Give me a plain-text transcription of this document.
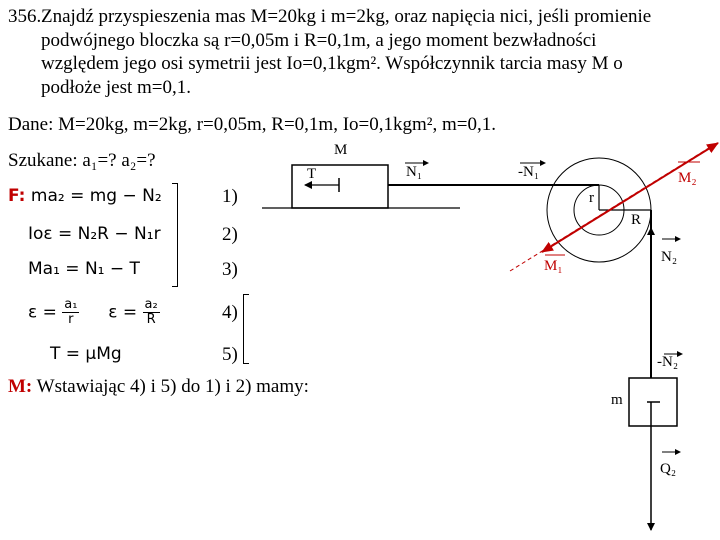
356. Znajdź przyspieszenia mas M=20kg i m=2kg, oraz napięcia nici, jeśli promienie
podwójnego bloczka są r=0,05m i R=0,1m, a jego moment bezwładności
względem jego osi symetrii jest Io=0,1kgm². Współczynnik tarcia masy M o
podłoże jest m=0,1.
Dane: M=20kg, m=2kg, r=0,05m, R=0,1m, Io=0,1kgm², m=0,1.
Szukane: a₁=? a₂=?
F: ma₂ = mg − N₂	1)
Ioε = N₂R − N₁r	2)
Ma₁ = N₁ − T	3)
$\varepsilon = \frac{\text{a₁}}{r}$ $\varepsilon = \frac{\text{a₂}}{R}$	4)
T = μMg	5)
M: Wstawiając 4) i 5) do 1) i 2) mamy:
M
T	N₁	-N₁	M₂
r
R
M₁
N₂
-N₂
m
Q₂
